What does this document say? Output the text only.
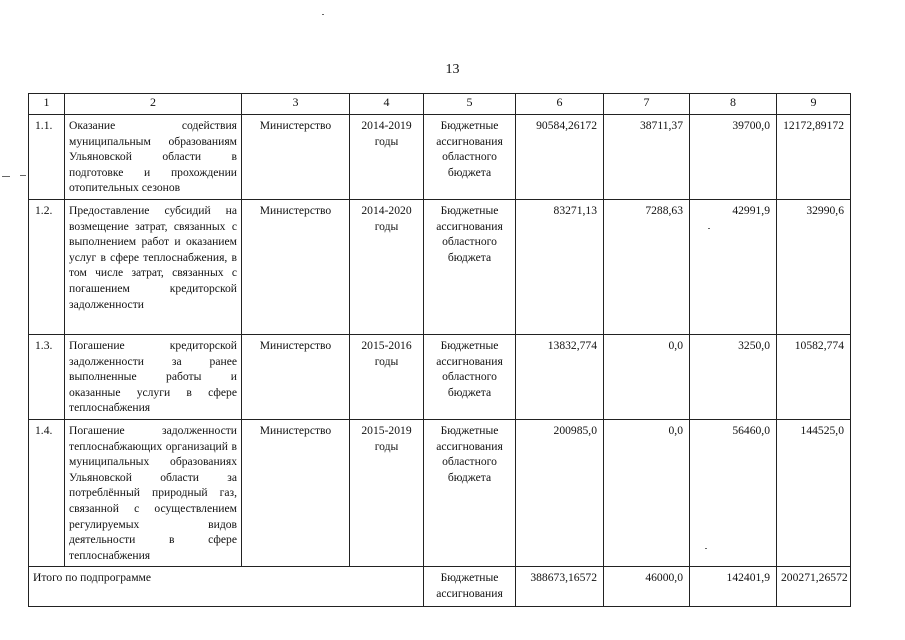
13
1	2	3	4	5	6	7	8	9
1.1.	Оказание содействия муниципальным образованиям Ульяновской области в подготовке и прохождении отопительных сезонов	Министерство	2014-2019 годы	Бюджетные ассигнования областного бюджета	90584,26172	38711,37	39700,0	12172,89172
1.2.	Предоставление субсидий на возмещение затрат, связанных с выполнением работ и оказанием услуг в сфере теплоснабжения, в том числе затрат, связанных с погашением кредиторской задолженности	Министерство	2014-2020 годы	Бюджетные ассигнования областного бюджета	83271,13	7288,63	42991,9	32990,6
1.3.	Погашение кредиторской задолженности за ранее выполненные работы и оказанные услуги в сфере теплоснабжения	Министерство	2015-2016 годы	Бюджетные ассигнования областного бюджета	13832,774	0,0	3250,0	10582,774
1.4.	Погашение задолженности теплоснабжающих организаций в муниципальных образованиях Ульяновской области за потреблённый природный газ, связанной с осуществлением регулируемых видов деятельности в сфере теплоснабжения	Министерство	2015-2019 годы	Бюджетные ассигнования областного бюджета	200985,0	0,0	56460,0	144525,0
Итого по подпрограмме				Бюджетные ассигнования	388673,16572	46000,0	142401,9	200271,26572
